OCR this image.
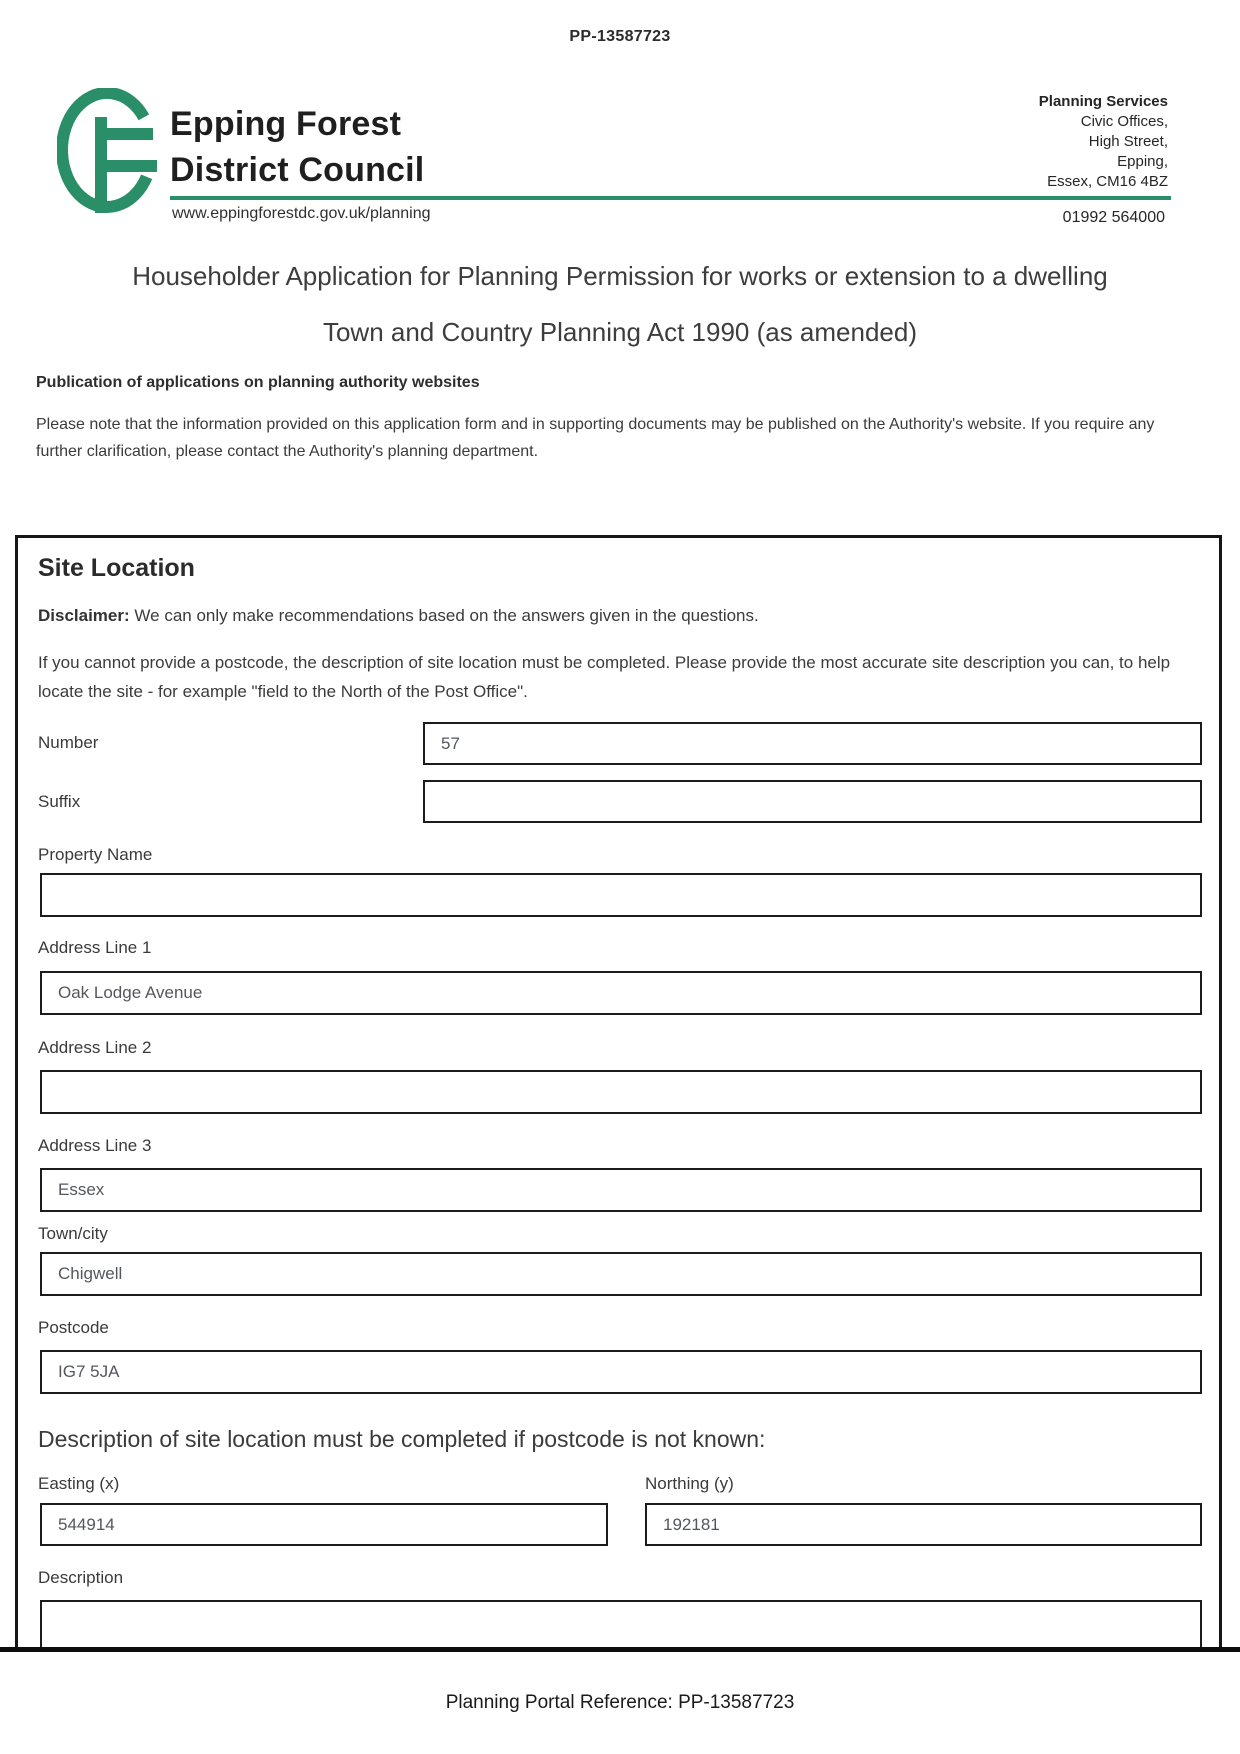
PP-13587723
Epping Forest
District Council
www.eppingforestdc.gov.uk/planning
Planning Services
Civic Offices,
High Street,
Epping,
Essex, CM16 4BZ
01992 564000
Householder Application for Planning Permission for works or extension to a dwelling
Town and Country Planning Act 1990 (as amended)
Publication of applications on planning authority websites
Please note that the information provided on this application form and in supporting documents may be published on the Authority's website. If you require any further clarification, please contact the Authority's planning department.
Site Location
Disclaimer: We can only make recommendations based on the answers given in the questions.
If you cannot provide a postcode, the description of site location must be completed. Please provide the most accurate site description you can, to help locate the site - for example "field to the North of the Post Office".
Number
57
Suffix
Property Name
Address Line 1
Oak Lodge Avenue
Address Line 2
Address Line 3
Essex
Town/city
Chigwell
Postcode
IG7 5JA
Description of site location must be completed if postcode is not known:
Easting (x)	Northing (y)
544914
192181
Description
Planning Portal Reference: PP-13587723
